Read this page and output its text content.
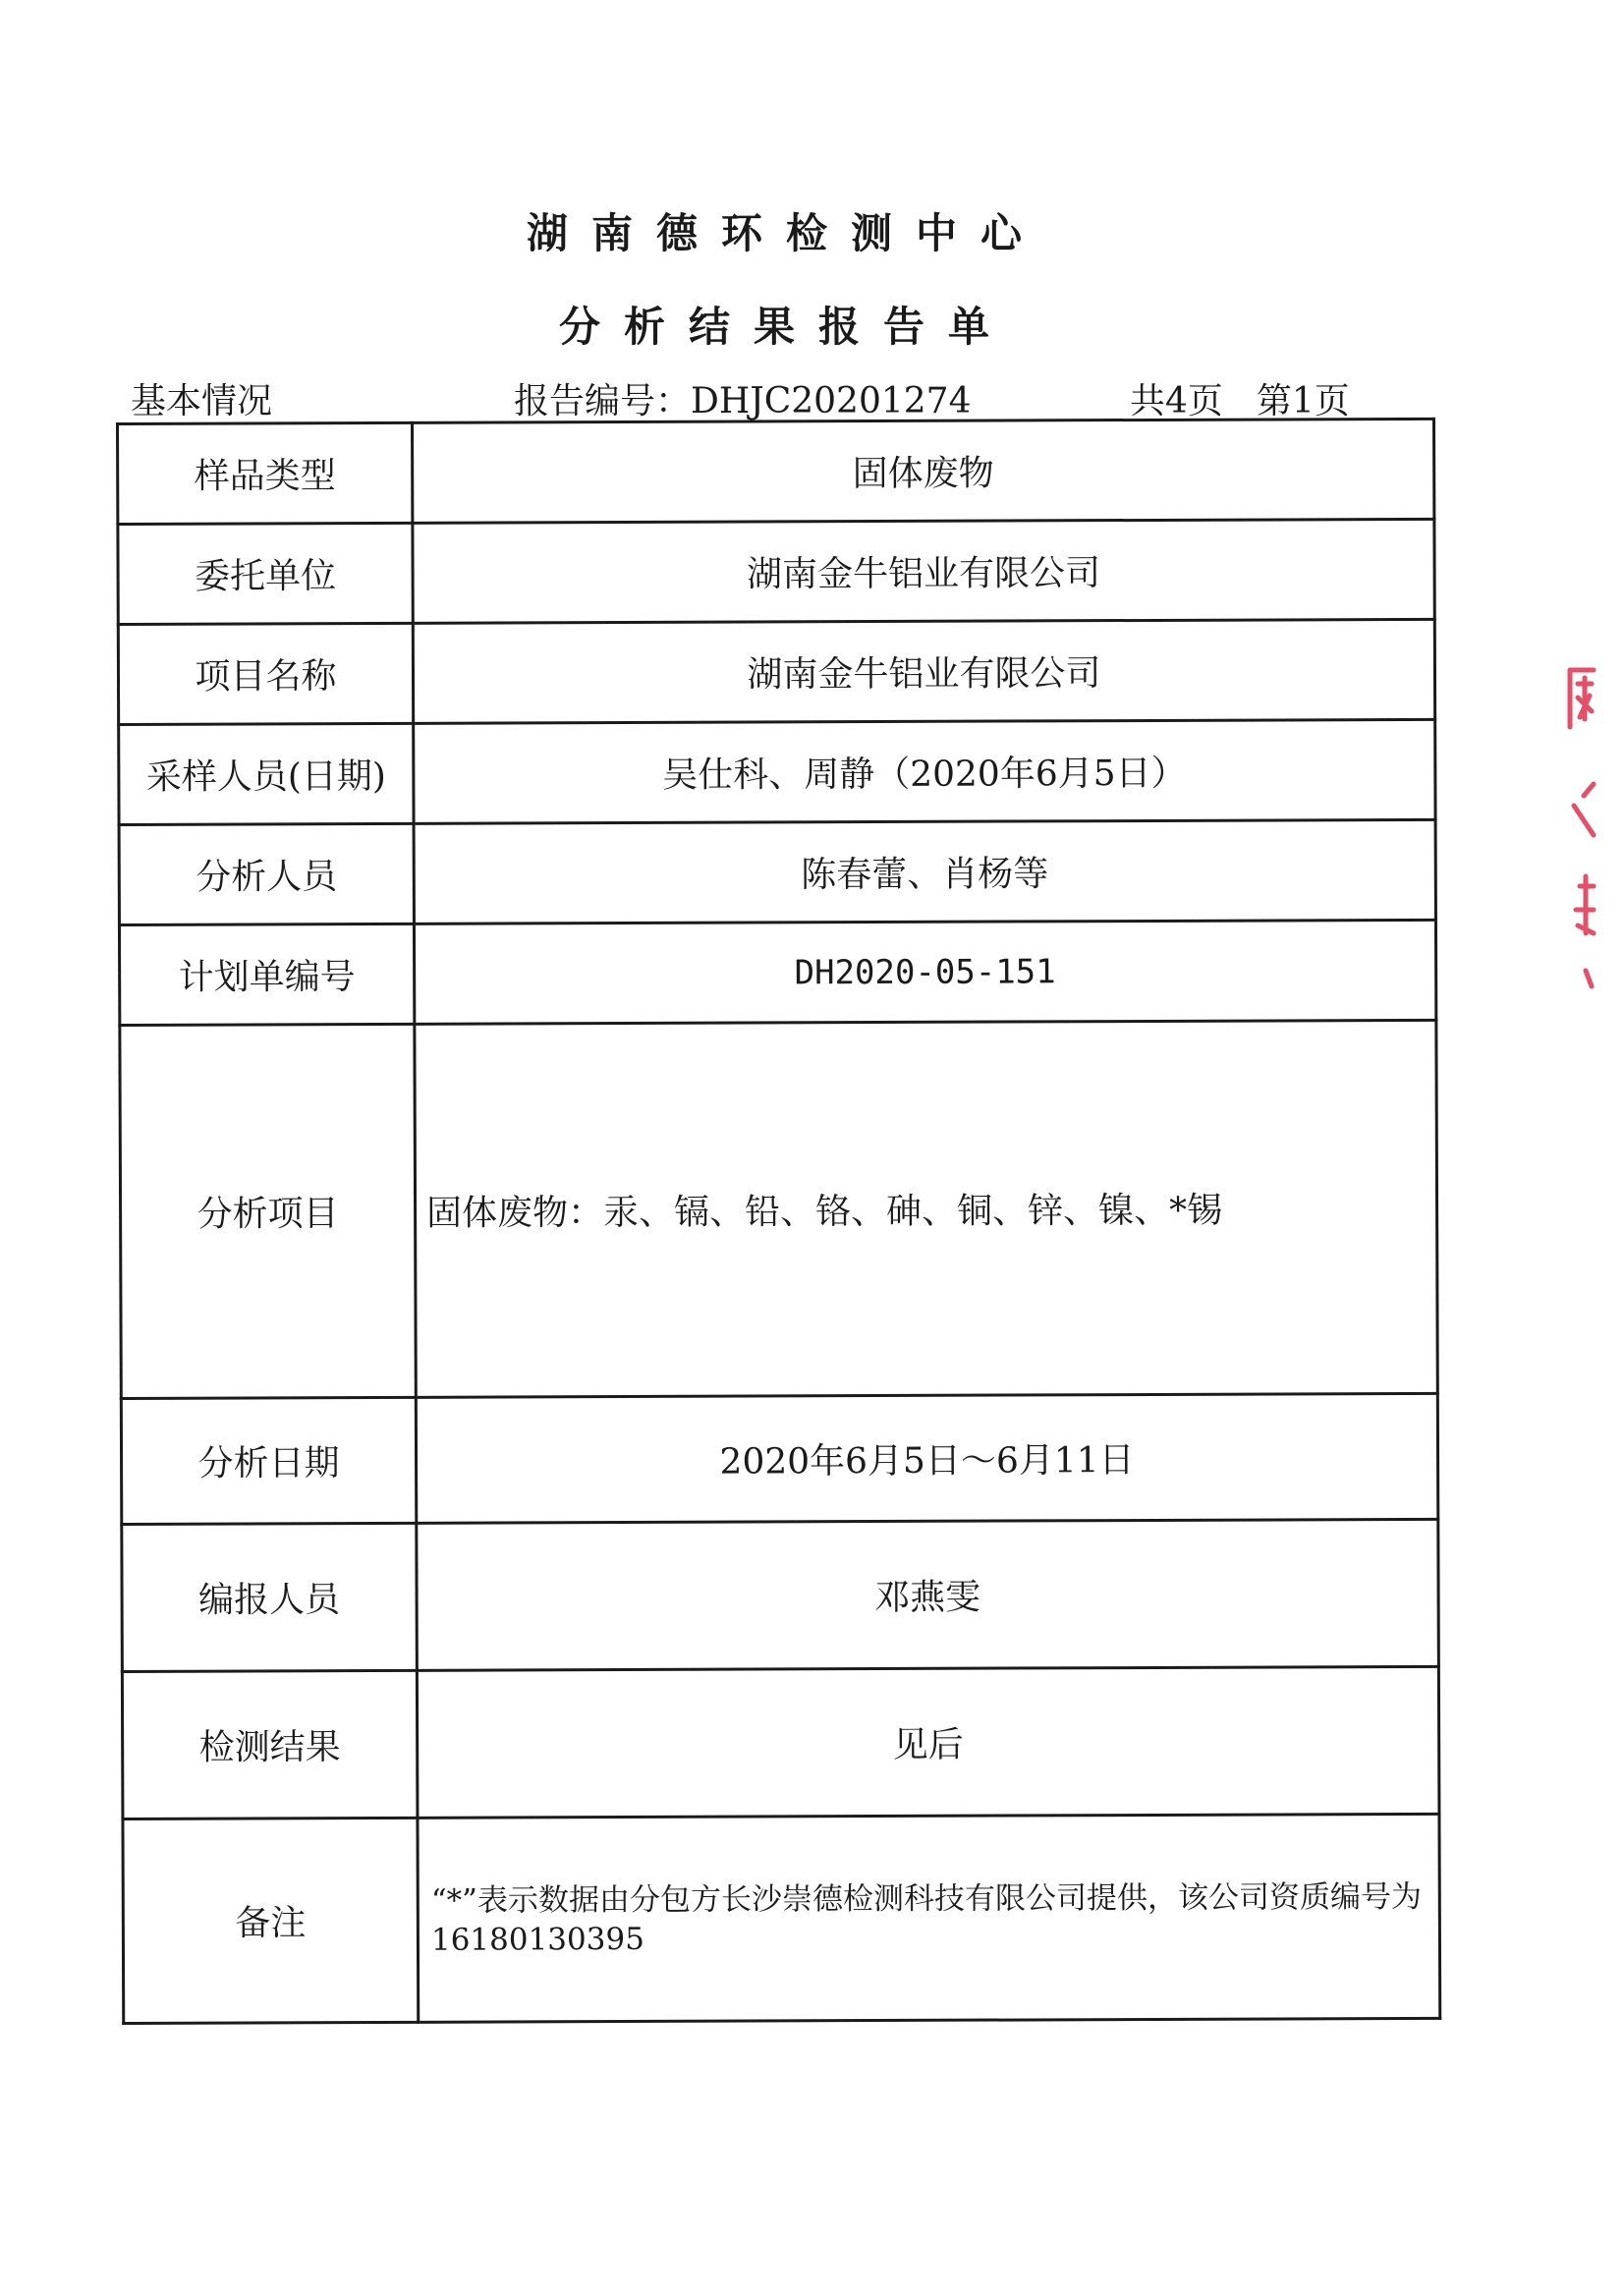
湖南德环检测中心
分析结果报告单
基本情况	报告编号：DHJC20201274	共4页 第1页
样品类型	固体废物
委托单位	湖南金牛铝业有限公司
项目名称	湖南金牛铝业有限公司
采样人员(日期)	吴仕科、周静（2020年6月5日）
分析人员	陈春蕾、肖杨等
计划单编号	DH2020-05-151
分析项目	固体废物：汞、镉、铅、铬、砷、铜、锌、镍、*锡
分析日期	2020年6月5日～6月11日
编报人员	邓燕雯
检测结果	见后
备注	“*”表示数据由分包方长沙崇德检测科技有限公司提供，该公司资质编号为16180130395
